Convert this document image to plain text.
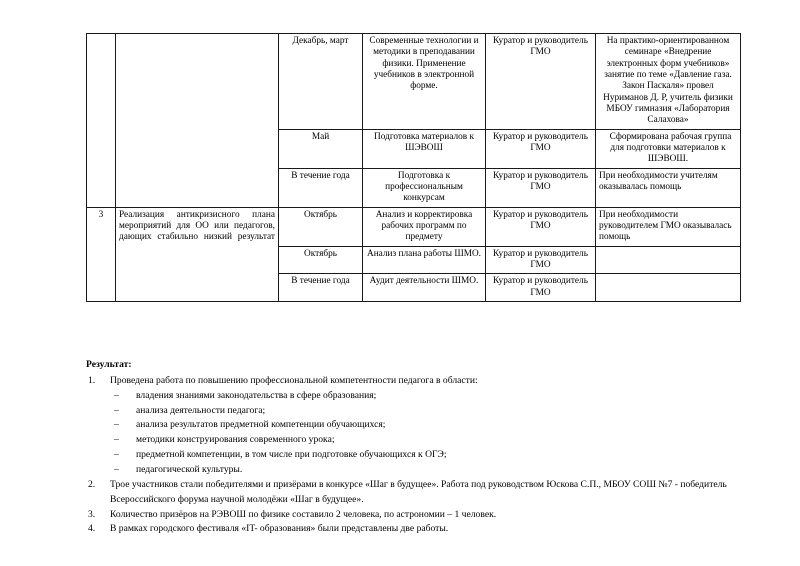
		Декабрь, март	Современные технологии и методики в преподавании физики. Применение учебников в электронной форме.	Куратор и руководитель ГМО	На практико-ориентированном семинаре «Внедрение электронных форм учебников» занятие по теме «Давление газа. Закон Паскаля» провел Нуриманов Д. Р, учитель физики МБОУ гимназия «Лаборатория Салахова»
		Май	Подготовка материалов к ШЭВОШ	Куратор и руководитель ГМО	Сформирована рабочая группа для подготовки материалов к ШЭВОШ.
		В течение года	Подготовка к профессиональным конкурсам	Куратор и руководитель ГМО	При необходимости учителям оказывалась помощь
3	Реализация антикризисного плана мероприятий для ОО или педагогов, дающих стабильно низкий результат	Октябрь	Анализ и корректировка рабочих программ по предмету	Куратор и руководитель ГМО	При необходимости руководителем ГМО оказывалась помощь
		Октябрь	Анализ плана работы ШМО.	Куратор и руководитель ГМО	
		В течение года	Аудит деятельности ШМО.	Куратор и руководитель ГМО	
Результат:
1.	Проведена работа по повышению профессиональной компетентности педагога в области:
– владения знаниями законодательства в сфере образования;
– анализа деятельности педагога;
– анализа результатов предметной компетенции обучающихся;
– методики конструирования современного урока;
– предметной компетенции, в том числе при подготовке обучающихся к ОГЭ;
– педагогической культуры.
2.	Трое участников стали победителями и призёрами в конкурсе «Шаг в будущее». Работа под руководством Юскова С.П., МБОУ СОШ №7 - победитель Всероссийского форума научной молодёжи «Шаг в будущее».
3.	Количество призёров на РЭВОШ по физике составило 2 человека, по астрономии – 1 человек.
4.	В рамках городского фестиваля «IT- образования» были представлены две работы.
